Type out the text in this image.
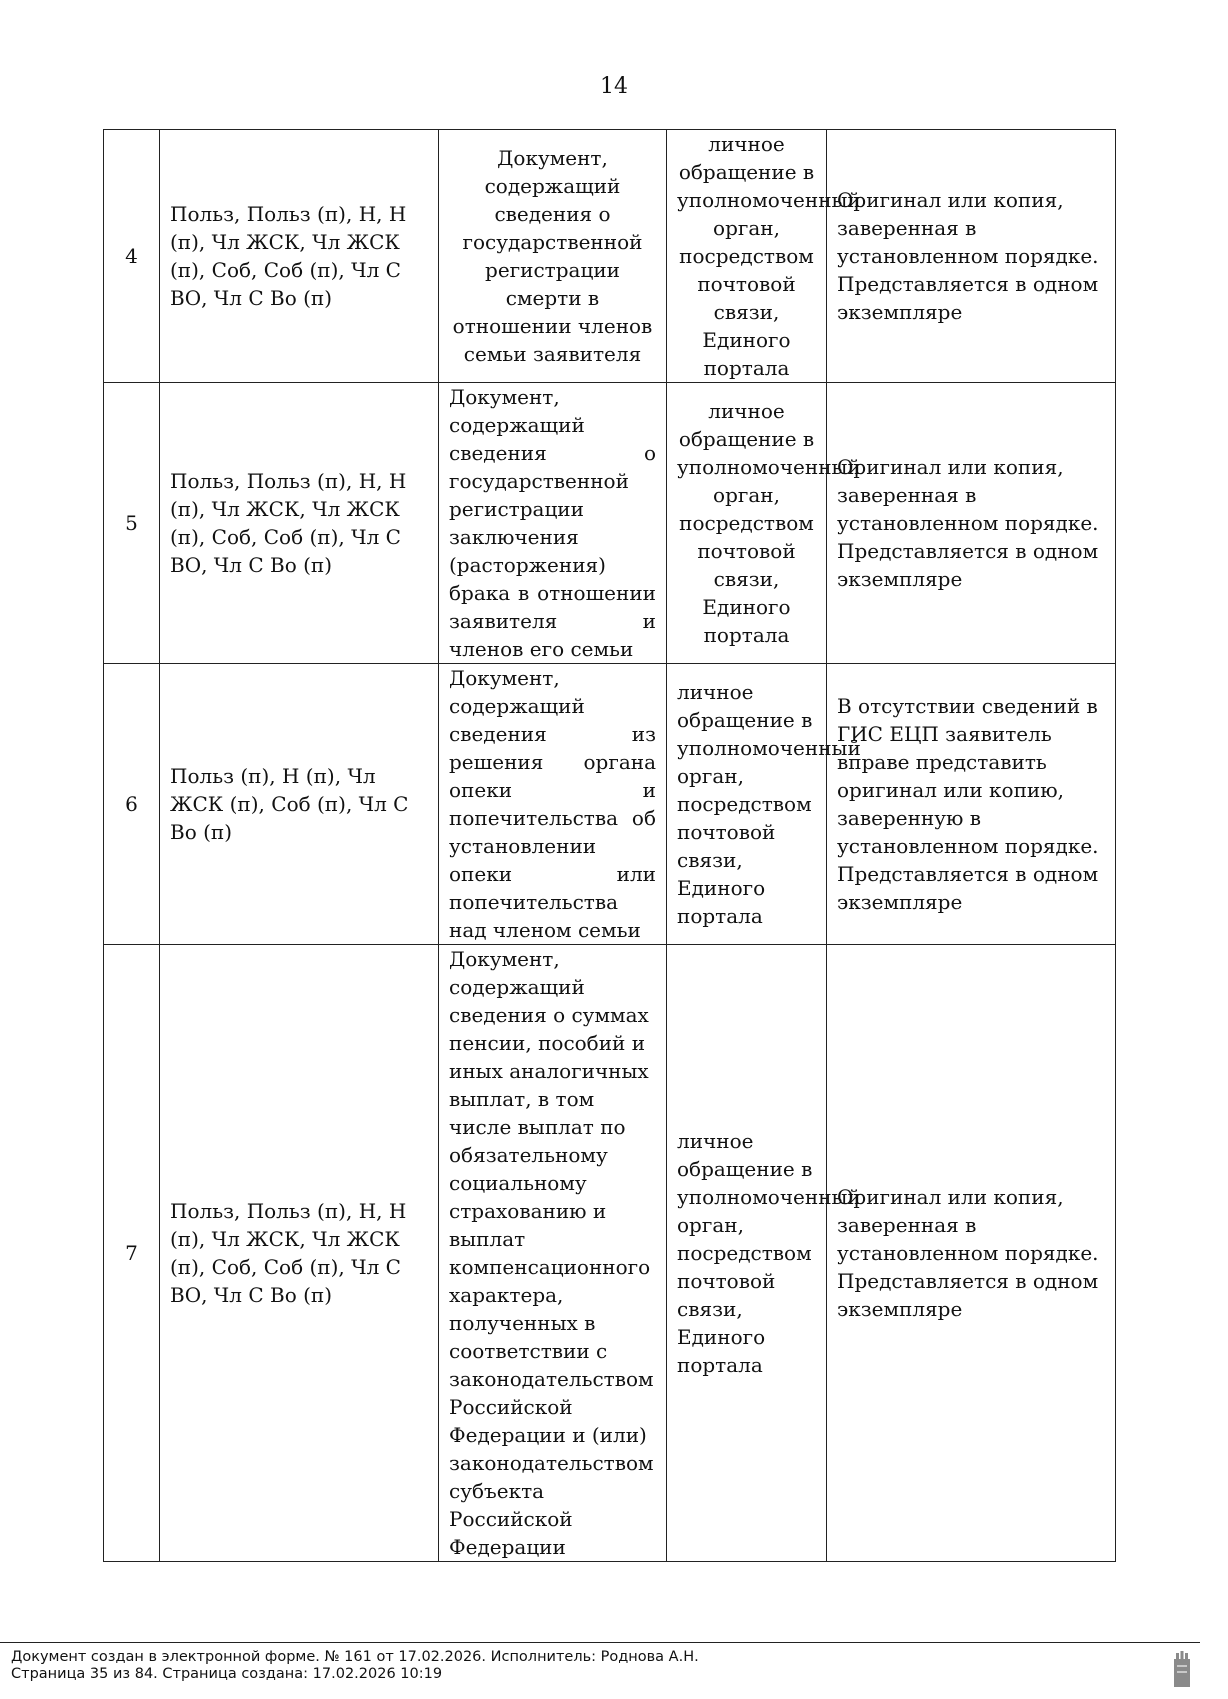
14
4	Польз, Польз (п), Н, Н (п), Чл ЖСК, Чл ЖСК (п), Соб, Соб (п), Чл С ВО, Чл С Во (п)	Документ, содержащий сведения о государственной регистрации смерти в отношении членов семьи заявителя	личное обращение в уполномоченный орган, посредством почтовой связи, Единого портала	Оригинал или копия, заверенная в установленном порядке. Представляется в одном экземпляре
5	Польз, Польз (п), Н, Н (п), Чл ЖСК, Чл ЖСК (п), Соб, Соб (п), Чл С ВО, Чл С Во (п)	Документ, содержащий сведения о государственной регистрации заключения (расторжения) брака в отношении заявителя и членов его семьи	личное обращение в уполномоченный орган, посредством почтовой связи, Единого портала	Оригинал или копия, заверенная в установленном порядке. Представляется в одном экземпляре
6	Польз (п), Н (п), Чл ЖСК (п), Соб (п), Чл С Во (п)	Документ, содержащий сведения из решения органа опеки и попечительства об установлении опеки или попечительства над членом семьи	личное обращение в уполномоченный орган, посредством почтовой связи, Единого портала	В отсутствии сведений в ГИС ЕЦП заявитель вправе представить оригинал или копию, заверенную в установленном порядке. Представляется в одном экземпляре
7	Польз, Польз (п), Н, Н (п), Чл ЖСК, Чл ЖСК (п), Соб, Соб (п), Чл С ВО, Чл С Во (п)	Документ, содержащий сведения о суммах пенсии, пособий и иных аналогичных выплат, в том числе выплат по обязательному социальному страхованию и выплат компенсационного характера, полученных в соответствии с законодательством Российской Федерации и (или) законодательством субъекта Российской Федерации	личное обращение в уполномоченный орган, посредством почтовой связи, Единого портала	Оригинал или копия, заверенная в установленном порядке. Представляется в одном экземпляре
Документ создан в электронной форме. № 161 от 17.02.2026. Исполнитель: Роднова А.Н.
Страница 35 из 84. Страница создана: 17.02.2026 10:19
